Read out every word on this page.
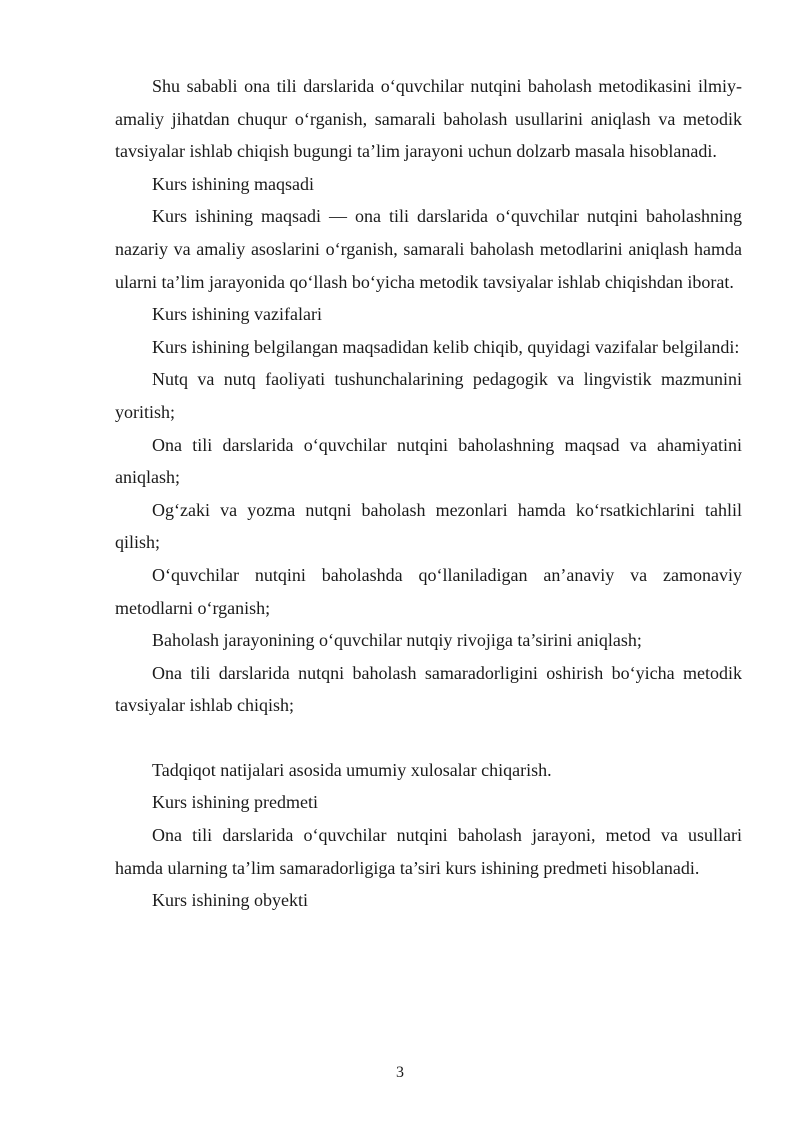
Shu sababli ona tili darslarida o‘quvchilar nutqini baholash metodikasini ilmiy-amaliy jihatdan chuqur o‘rganish, samarali baholash usullarini aniqlash va metodik tavsiyalar ishlab chiqish bugungi ta’lim jarayoni uchun dolzarb masala hisoblanadi.

Kurs ishining maqsadi

Kurs ishining maqsadi — ona tili darslarida o‘quvchilar nutqini baholashning nazariy va amaliy asoslarini o‘rganish, samarali baholash metodlarini aniqlash hamda ularni ta’lim jarayonida qo‘llash bo‘yicha metodik tavsiyalar ishlab chiqishdan iborat.

Kurs ishining vazifalari

Kurs ishining belgilangan maqsadidan kelib chiqib, quyidagi vazifalar belgilandi:

Nutq va nutq faoliyati tushunchalarining pedagogik va lingvistik mazmunini yoritish;

Ona tili darslarida o‘quvchilar nutqini baholashning maqsad va ahamiyatini aniqlash;

Og‘zaki va yozma nutqni baholash mezonlari hamda ko‘rsatkichlarini tahlil qilish;

O‘quvchilar nutqini baholashda qo‘llaniladigan an’anaviy va zamonaviy metodlarni o‘rganish;

Baholash jarayonining o‘quvchilar nutqiy rivojiga ta’sirini aniqlash;

Ona tili darslarida nutqni baholash samaradorligini oshirish bo‘yicha metodik tavsiyalar ishlab chiqish;

Tadqiqot natijalari asosida umumiy xulosalar chiqarish.

Kurs ishining predmeti

Ona tili darslarida o‘quvchilar nutqini baholash jarayoni, metod va usullari hamda ularning ta’lim samaradorligiga ta’siri kurs ishining predmeti hisoblanadi.

Kurs ishining obyekti

3
